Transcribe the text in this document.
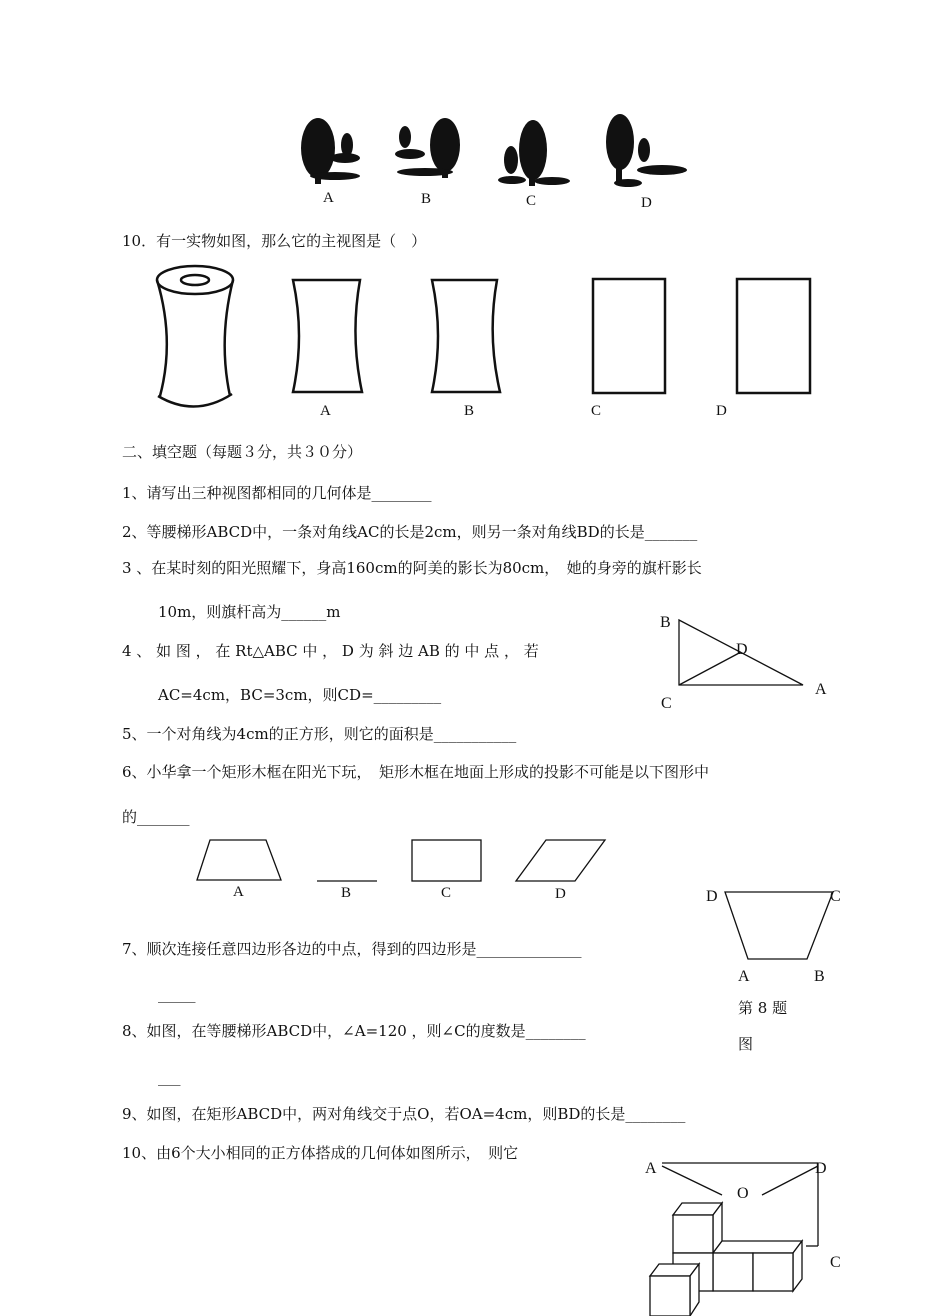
A	B	C	D
10．有一实物如图，那么它的主视图是（　）
A	B	C	D
二、填空题（每题３分，共３０分）
1、请写出三种视图都相同的几何体是________
2、等腰梯形ABCD中，一条对角线AC的长是2cm，则另一条对角线BD的长是_______
3 、在某时刻的阳光照耀下，身高160cm的阿美的影长为80cm，　她的身旁的旗杆影长
10m，则旗杆高为______m
4 、 如 图 ， 在 Rt△ABC 中 ， D 为 斜 边 AB 的 中 点 ， 若
AC=4cm，BC=3cm，则CD=_________
B
D
C
A
5、一个对角线为4cm的正方形，则它的面积是___________
6、小华拿一个矩形木框在阳光下玩，　矩形木框在地面上形成的投影不可能是以下图形中
的_______
A	B	C	D	D	C
A	B
7、顺次连接任意四边形各边的中点，得到的四边形是______________
_____
第 8 题
图
8、如图，在等腰梯形ABCD中，∠A=120 ，则∠C的度数是________
___
9、如图，在矩形ABCD中，两对角线交于点O，若OA=4cm，则BD的长是________
10、由6个大小相同的正方体搭成的几何体如图所示，　则它
A	D
O
C
